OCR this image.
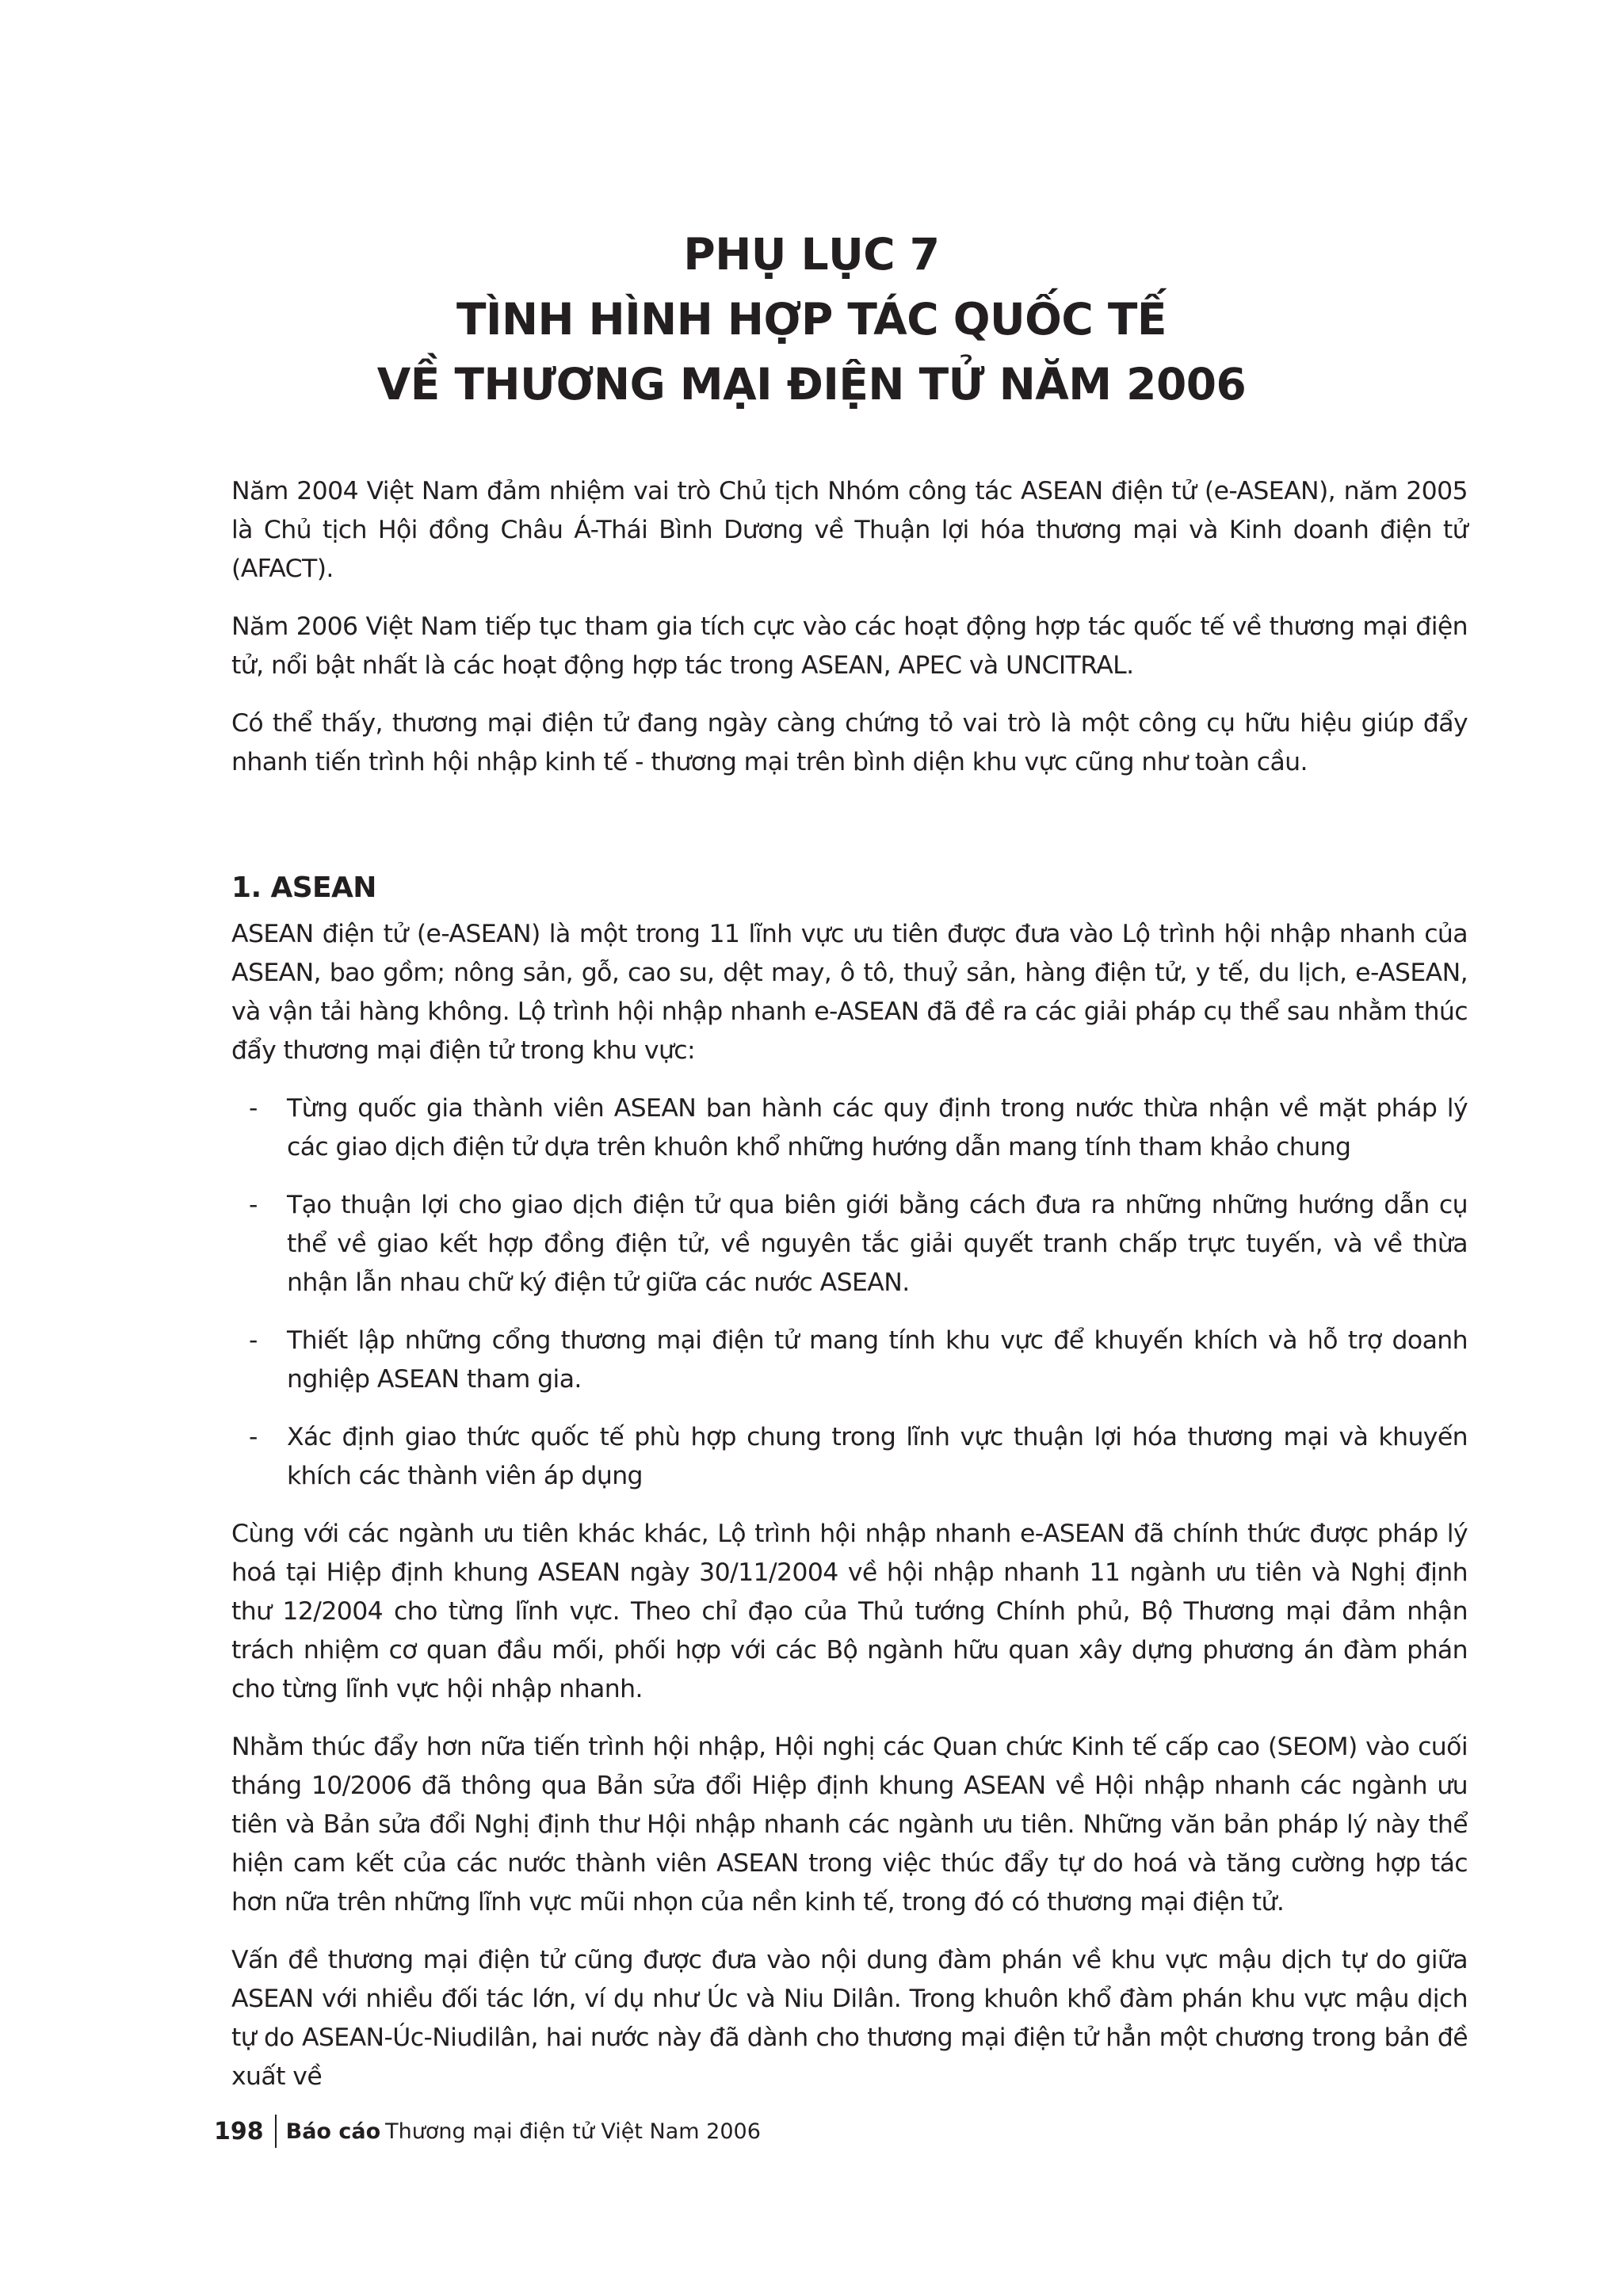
PHỤ LỤC 7
TÌNH HÌNH HỢP TÁC QUỐC TẾ
VỀ THƯƠNG MẠI ĐIỆN TỬ NĂM 2006

Năm 2004 Việt Nam đảm nhiệm vai trò Chủ tịch Nhóm công tác ASEAN điện tử (e-ASEAN), năm 2005 là Chủ tịch Hội đồng Châu Á-Thái Bình Dương về Thuận lợi hóa thương mại và Kinh doanh điện tử (AFACT).

Năm 2006 Việt Nam tiếp tục tham gia tích cực vào các hoạt động hợp tác quốc tế về thương mại điện tử, nổi bật nhất là các hoạt động hợp tác trong ASEAN, APEC và UNCITRAL.

Có thể thấy, thương mại điện tử đang ngày càng chứng tỏ vai trò là một công cụ hữu hiệu giúp đẩy nhanh tiến trình hội nhập kinh tế - thương mại trên bình diện khu vực cũng như toàn cầu.

1. ASEAN

ASEAN điện tử (e-ASEAN) là một trong 11 lĩnh vực ưu tiên được đưa vào Lộ trình hội nhập nhanh của ASEAN, bao gồm; nông sản, gỗ, cao su, dệt may, ô tô, thuỷ sản, hàng điện tử, y tế, du lịch, e-ASEAN, và vận tải hàng không. Lộ trình hội nhập nhanh e-ASEAN đã đề ra các giải pháp cụ thể sau nhằm thúc đẩy thương mại điện tử trong khu vực:

- Từng quốc gia thành viên ASEAN ban hành các quy định trong nước thừa nhận về mặt pháp lý các giao dịch điện tử dựa trên khuôn khổ những hướng dẫn mang tính tham khảo chung
- Tạo thuận lợi cho giao dịch điện tử qua biên giới bằng cách đưa ra những những hướng dẫn cụ thể về giao kết hợp đồng điện tử, về nguyên tắc giải quyết tranh chấp trực tuyến, và về thừa nhận lẫn nhau chữ ký điện tử giữa các nước ASEAN.
- Thiết lập những cổng thương mại điện tử mang tính khu vực để khuyến khích và hỗ trợ doanh nghiệp ASEAN tham gia.
- Xác định giao thức quốc tế phù hợp chung trong lĩnh vực thuận lợi hóa thương mại và khuyến khích các thành viên áp dụng

Cùng với các ngành ưu tiên khác khác, Lộ trình hội nhập nhanh e-ASEAN đã chính thức được pháp lý hoá tại Hiệp định khung ASEAN ngày 30/11/2004 về hội nhập nhanh 11 ngành ưu tiên và Nghị định thư 12/2004 cho từng lĩnh vực. Theo chỉ đạo của Thủ tướng Chính phủ, Bộ Thương mại đảm nhận trách nhiệm cơ quan đầu mối, phối hợp với các Bộ ngành hữu quan xây dựng phương án đàm phán cho từng lĩnh vực hội nhập nhanh.

Nhằm thúc đẩy hơn nữa tiến trình hội nhập, Hội nghị các Quan chức Kinh tế cấp cao (SEOM) vào cuối tháng 10/2006 đã thông qua Bản sửa đổi Hiệp định khung ASEAN về Hội nhập nhanh các ngành ưu tiên và Bản sửa đổi Nghị định thư Hội nhập nhanh các ngành ưu tiên. Những văn bản pháp lý này thể hiện cam kết của các nước thành viên ASEAN trong việc thúc đẩy tự do hoá và tăng cường hợp tác hơn nữa trên những lĩnh vực mũi nhọn của nền kinh tế, trong đó có thương mại điện tử.

Vấn đề thương mại điện tử cũng được đưa vào nội dung đàm phán về khu vực mậu dịch tự do giữa ASEAN với nhiều đối tác lớn, ví dụ như Úc và Niu Dilân. Trong khuôn khổ đàm phán khu vực mậu dịch tự do ASEAN-Úc-Niudilân, hai nước này đã dành cho thương mại điện tử hẳn một chương trong bản đề xuất về

198 Báo cáo Thương mại điện tử Việt Nam 2006
